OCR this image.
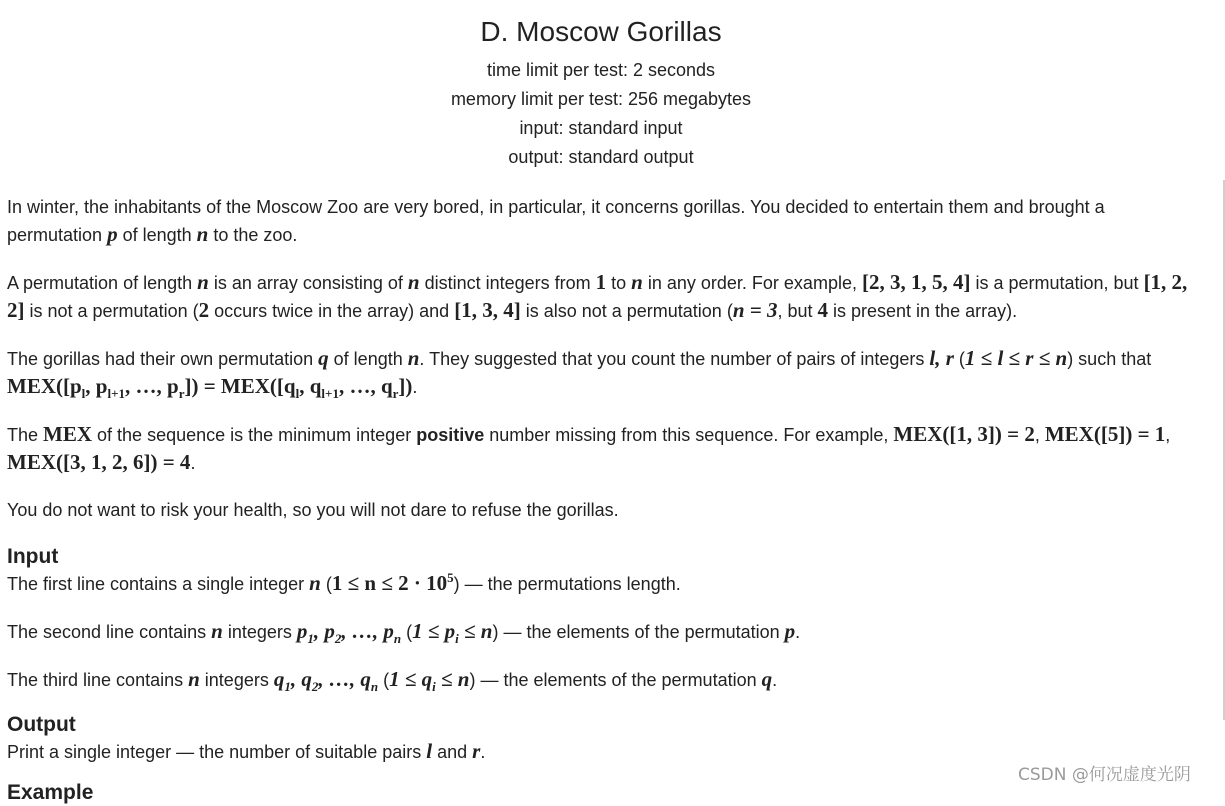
D. Moscow Gorillas
time limit per test: 2 seconds
memory limit per test: 256 megabytes
input: standard input
output: standard output

In winter, the inhabitants of the Moscow Zoo are very bored, in particular, it concerns gorillas. You decided to entertain them and brought a permutation p of length n to the zoo.

A permutation of length n is an array consisting of n distinct integers from 1 to n in any order. For example, [2, 3, 1, 5, 4] is a permutation, but [1, 2, 2] is not a permutation (2 occurs twice in the array) and [1, 3, 4] is also not a permutation (n = 3, but 4 is present in the array).

The gorillas had their own permutation q of length n. They suggested that you count the number of pairs of integers l, r (1 ≤ l ≤ r ≤ n) such that $MEX([p_l$, $p_{l+1}$, …, $p_r]) = MEX([q_l$, $q_{l+1}$, …, $q_r$]).

The MEX of the sequence is the minimum integer positive number missing from this sequence. For example, MEX([1, 3]) = 2, MEX([5]) = 1, MEX([3, 1, 2, 6]) = 4.

You do not want to risk your health, so you will not dare to refuse the gorillas.

Input

The first line contains a single integer n $(1 \le n \le 2 \cdot 10^5)$ — the permutations length.

The second line contains n integers $p_1$, $p_2$, …, $p_n$ $(1 \le p_i \le n)$ — the elements of the permutation p.

The third line contains n integers $q_1$, $q_2$, …, $q_n$ $(1 \le q_i \le n)$ — the elements of the permutation q.

Output

Print a single integer — the number of suitable pairs l and r.

Example
CSDN @何况虚度光阴
